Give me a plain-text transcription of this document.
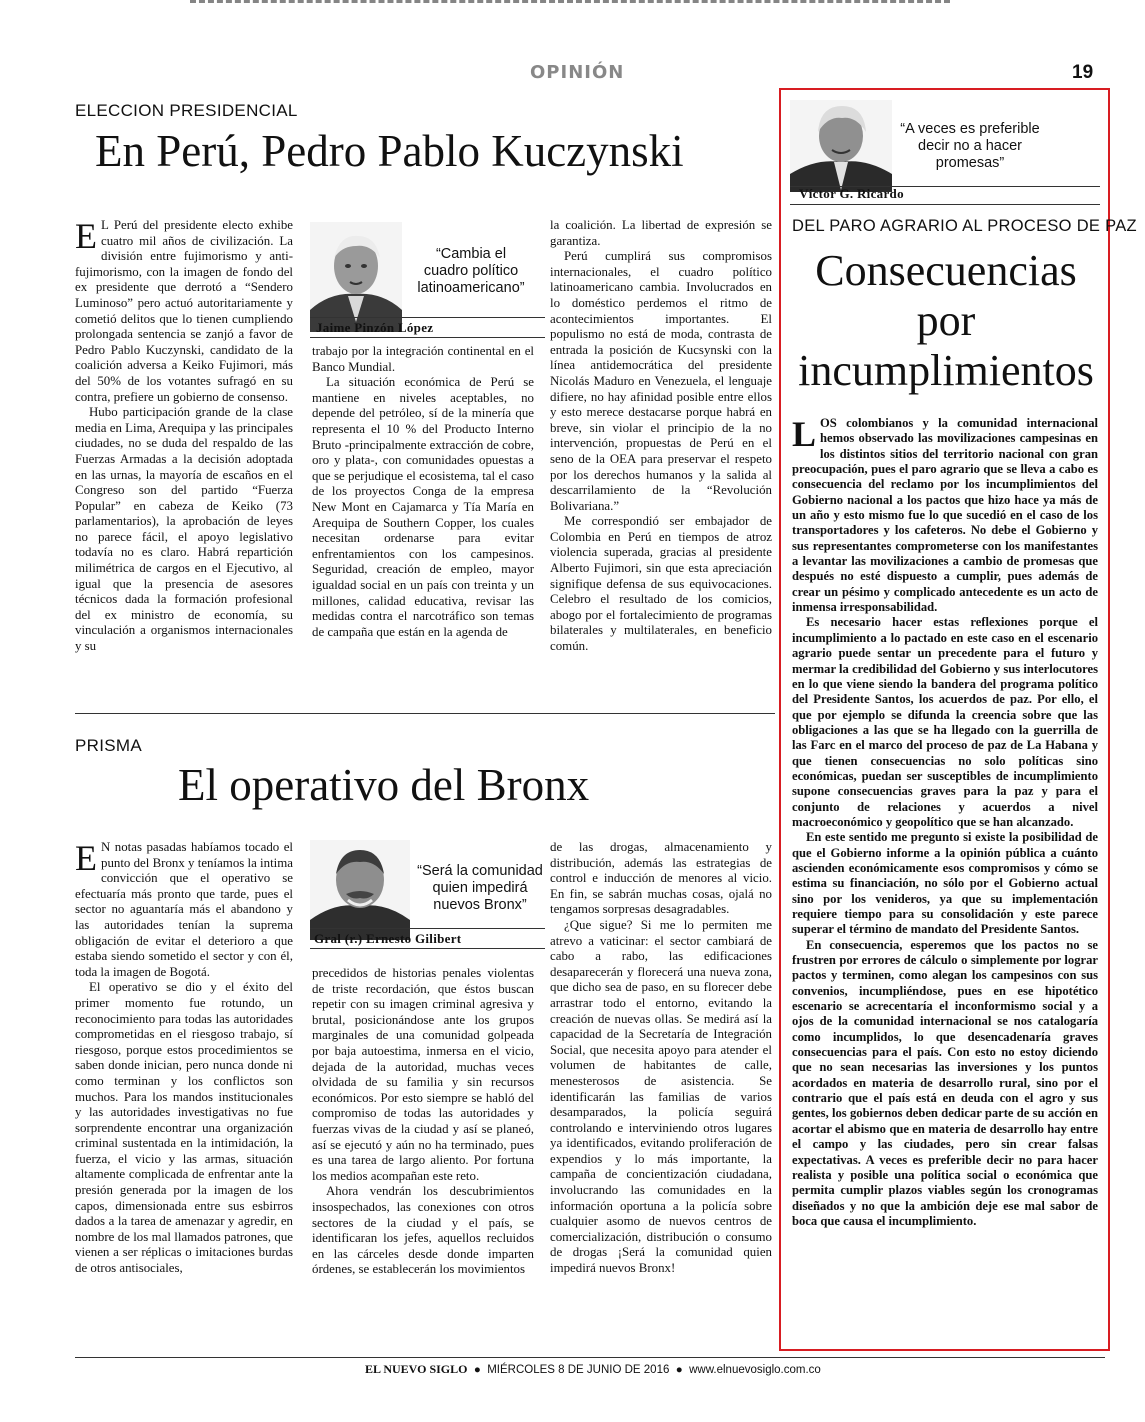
OPINIÓN	19
ELECCION PRESIDENCIAL
En Perú, Pedro Pablo Kuczynski

E L Perú del presidente electo exhibe cuatro mil años de civilización. La división entre fujimorismo y anti-fujimorismo, con la imagen de fondo del ex presidente que derrotó a “Sendero Luminoso” pero actuó autoritariamente y cometió delitos que lo tienen cumpliendo prolongada sentencia se zanjó a favor de Pedro Pablo Kuczynski, candidato de la coalición adversa a Keiko Fujimori, más del 50% de los votantes sufragó en su contra, prefiere un gobierno de consenso.

Hubo participación grande de la clase media en Lima, Arequipa y las principales ciudades, no se duda del respaldo de las Fuerzas Armadas a la decisión adoptada en las urnas, la mayoría de escaños en el Congreso son del partido “Fuerza Popular” en cabeza de Keiko (73 parlamentarios), la aprobación de leyes no parece fácil, el apoyo legislativo todavía no es claro. Habrá repartición milimétrica de cargos en el Ejecutivo, al igual que la presencia de asesores técnicos dada la formación profesional del ex ministro de economía, su vinculación a organismos internacionales y su

“Cambia el cuadro político latinoamericano”
Jaime Pinzón López

trabajo por la integración continental en el Banco Mundial.

La situación económica de Perú se mantiene en niveles aceptables, no depende del petróleo, sí de la minería que representa el 10 % del Producto Interno Bruto -principalmente extracción de cobre, oro y plata-, con comunidades opuestas a que se perjudique el ecosistema, tal el caso de los proyectos Conga de la empresa New Mont en Cajamarca y Tía María en Arequipa de Southern Copper, los cuales necesitan ordenarse para evitar enfrentamientos con los campesinos. Seguridad, creación de empleo, mayor igualdad social en un país con treinta y un millones, calidad educativa, revisar las medidas contra el narcotráfico son temas de campaña que están en la agenda de

la coalición. La libertad de expresión se garantiza.

Perú cumplirá sus compromisos internacionales, el cuadro político latinoamericano cambia. Involucrados en lo doméstico perdemos el ritmo de acontecimientos importantes. El populismo no está de moda, contrasta de entrada la posición de Kucsynski con la línea antidemocrática del presidente Nicolás Maduro en Venezuela, el lenguaje difiere, no hay afinidad posible entre ellos y esto merece destacarse porque habrá en breve, sin violar el principio de la no intervención, propuestas de Perú en el seno de la OEA para preservar el respeto por los derechos humanos y la salida al descarrilamiento de la “Revolución Bolivariana.”

Me correspondió ser embajador de Colombia en Perú en tiempos de atroz violencia superada, gracias al presidente Alberto Fujimori, sin que esta apreciación signifique defensa de sus equivocaciones. Celebro el resultado de los comicios, abogo por el fortalecimiento de programas bilaterales y multilaterales, en beneficio común.

PRISMA
El operativo del Bronx

E N notas pasadas habíamos tocado el punto del Bronx y teníamos la intima convicción que el operativo se efectuaría más pronto que tarde, pues el sector no aguantaría más el abandono y las autoridades tenían la suprema obligación de evitar el deterioro a que estaba siendo sometido el sector y con él, toda la imagen de Bogotá.

El operativo se dio y el éxito del primer momento fue rotundo, un reconocimiento para todas las autoridades comprometidas en el riesgoso trabajo, sí riesgoso, porque estos procedimientos se saben donde inician, pero nunca donde ni como terminan y los conflictos son muchos. Para los mandos institucionales y las autoridades investigativas no fue sorprendente encontrar una organización criminal sustentada en la intimidación, la fuerza, el vicio y las armas, situación altamente complicada de enfrentar ante la presión generada por la imagen de los capos, dimensionada entre sus esbirros dados a la tarea de amenazar y agredir, en nombre de los mal llamados patrones, que vienen a ser réplicas o imitaciones burdas de otros antisociales,

“Será la comunidad quien impedirá nuevos Bronx”
Gral (r.) Ernesto Gilibert

precedidos de historias penales violentas de triste recordación, que éstos buscan repetir con su imagen criminal agresiva y brutal, posicionándose ante los grupos marginales de una comunidad golpeada por baja autoestima, inmersa en el vicio, dejada de la autoridad, muchas veces olvidada de su familia y sin recursos económicos. Por esto siempre se habló del compromiso de todas las autoridades y fuerzas vivas de la ciudad y así se planeó, así se ejecutó y aún no ha terminado, pues es una tarea de largo aliento. Por fortuna los medios acompañan este reto.

Ahora vendrán los descubrimientos insospechados, las conexiones con otros sectores de la ciudad y el país, se identificaran los jefes, aquellos recluidos en las cárceles desde donde imparten órdenes, se establecerán los movimientos

de las drogas, almacenamiento y distribución, además las estrategias de control e inducción de menores al vicio. En fin, se sabrán muchas cosas, ojalá no tengamos sorpresas desagradables.

¿Que sigue? Si me lo permiten me atrevo a vaticinar: el sector cambiará de cabo a rabo, las edificaciones desaparecerán y florecerá una nueva zona, que dicho sea de paso, en su florecer debe arrastrar todo el entorno, evitando la creación de nuevas ollas. Se medirá así la capacidad de la Secretaría de Integración Social, que necesita apoyo para atender el volumen de habitantes de calle, menesterosos de asistencia. Se identificarán las familias de varios desamparados, la policía seguirá controlando e interviniendo otros lugares ya identificados, evitando proliferación de expendios y lo más importante, la campaña de concientización ciudadana, involucrando las comunidades en la información oportuna a la policía sobre cualquier asomo de nuevos centros de comercialización, distribución o consumo de drogas ¡Será la comunidad quien impedirá nuevos Bronx!

“A veces es preferible decir no a hacer promesas”
Víctor G. Ricardo
DEL PARO AGRARIO AL PROCESO DE PAZ
Consecuencias
por
incumplimientos

LOS colombianos y la comunidad internacional hemos observado las movilizaciones campesinas en los distintos sitios del territorio nacional con gran preocupación, pues el paro agrario que se lleva a cabo es consecuencia del reclamo por los incumplimientos del Gobierno nacional a los pactos que hizo hace ya más de un año y esto mismo fue lo que sucedió en el caso de los transportadores y los cafeteros. No debe el Gobierno y sus representantes comprometerse con los manifestantes a levantar las movilizaciones a cambio de promesas que después no esté dispuesto a cumplir, pues además de crear un pésimo y complicado antecedente es un acto de inmensa irresponsabilidad.

Es necesario hacer estas reflexiones porque el incumplimiento a lo pactado en este caso en el escenario agrario puede sentar un precedente para el futuro y mermar la credibilidad del Gobierno y sus interlocutores en lo que viene siendo la bandera del programa político del Presidente Santos, los acuerdos de paz. Por ello, el que por ejemplo se difunda la creencia sobre que las obligaciones a las que se ha llegado con la guerrilla de las Farc en el marco del proceso de paz de La Habana y que tienen consecuencias no solo políticas sino económicas, puedan ser susceptibles de incumplimiento supone consecuencias graves para la paz y para el conjunto de relaciones y acuerdos a nivel macroeconómico y geopolítico que se han alcanzado.

En este sentido me pregunto si existe la posibilidad de que el Gobierno informe a la opinión pública a cuánto ascienden económicamente esos compromisos y cómo se estima su financiación, no sólo por el Gobierno actual sino por los venideros, ya que su implementación requiere tiempo para su consolidación y este parece superar el término de mandato del Presidente Santos.

En consecuencia, esperemos que los pactos no se frustren por errores de cálculo o simplemente por lograr pactos y terminen, como alegan los campesinos con sus convenios, incumpliéndose, pues en ese hipotético escenario se acrecentaría el inconformismo social y a ojos de la comunidad internacional se nos catalogaría como incumplidos, lo que desencadenaría graves consecuencias para el país. Con esto no estoy diciendo que no sean necesarias las inversiones y los puntos acordados en materia de desarrollo rural, sino por el contrario que el país está en deuda con el agro y sus gentes, los gobiernos deben dedicar parte de su acción en acortar el abismo que en materia de desarrollo hay entre el campo y las ciudades, pero sin crear falsas expectativas. A veces es preferible decir no para hacer realista y posible una política social o económica que permita cumplir plazos viables según los cronogramas diseñados y no que la ambición deje ese mal sabor de boca que causa el incumplimiento.

EL NUEVO SIGLO  ●  MIÉRCOLES 8 DE JUNIO DE 2016  ●  www.elnuevosiglo.com.co
